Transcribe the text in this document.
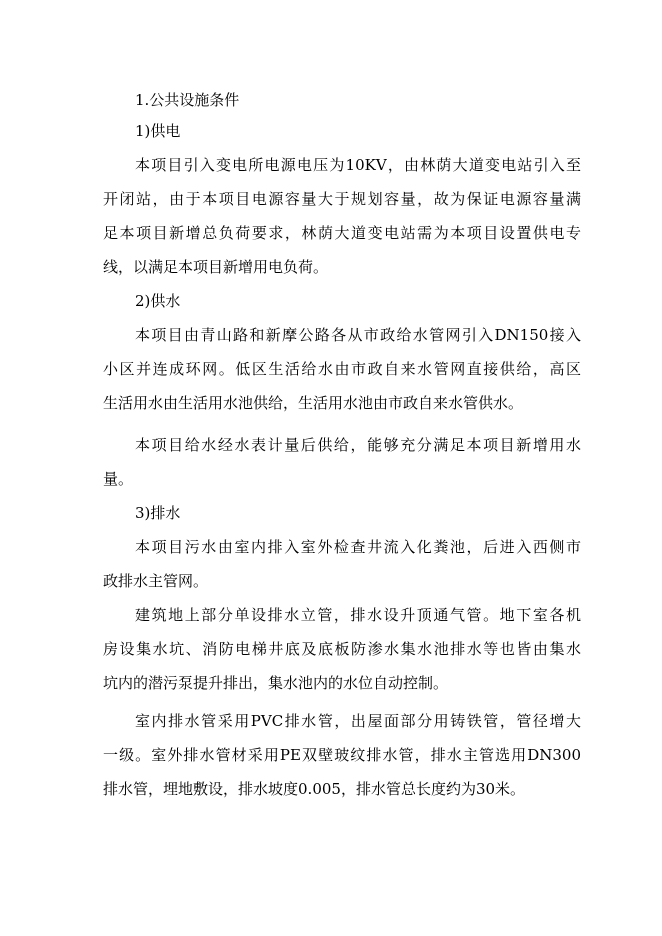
1.公共设施条件
1)供电
本项目引入变电所电源电压为10KV，由林荫大道变电站引入至
开闭站，由于本项目电源容量大于规划容量，故为保证电源容量满
足本项目新增总负荷要求，林荫大道变电站需为本项目设置供电专
线，以满足本项目新增用电负荷。
2)供水
本项目由青山路和新摩公路各从市政给水管网引入DN150接入
小区并连成环网。低区生活给水由市政自来水管网直接供给，高区
生活用水由生活用水池供给，生活用水池由市政自来水管供水。
本项目给水经水表计量后供给，能够充分满足本项目新增用水
量。
3)排水
本项目污水由室内排入室外检查井流入化粪池，后进入西侧市
政排水主管网。
建筑地上部分单设排水立管，排水设升顶通气管。地下室各机
房设集水坑、消防电梯井底及底板防渗水集水池排水等也皆由集水
坑内的潜污泵提升排出，集水池内的水位自动控制。
室内排水管采用PVC排水管，出屋面部分用铸铁管，管径增大
一级。室外排水管材采用PE双壁玻纹排水管，排水主管选用DN300
排水管，埋地敷设，排水坡度0.005，排水管总长度约为30米。
